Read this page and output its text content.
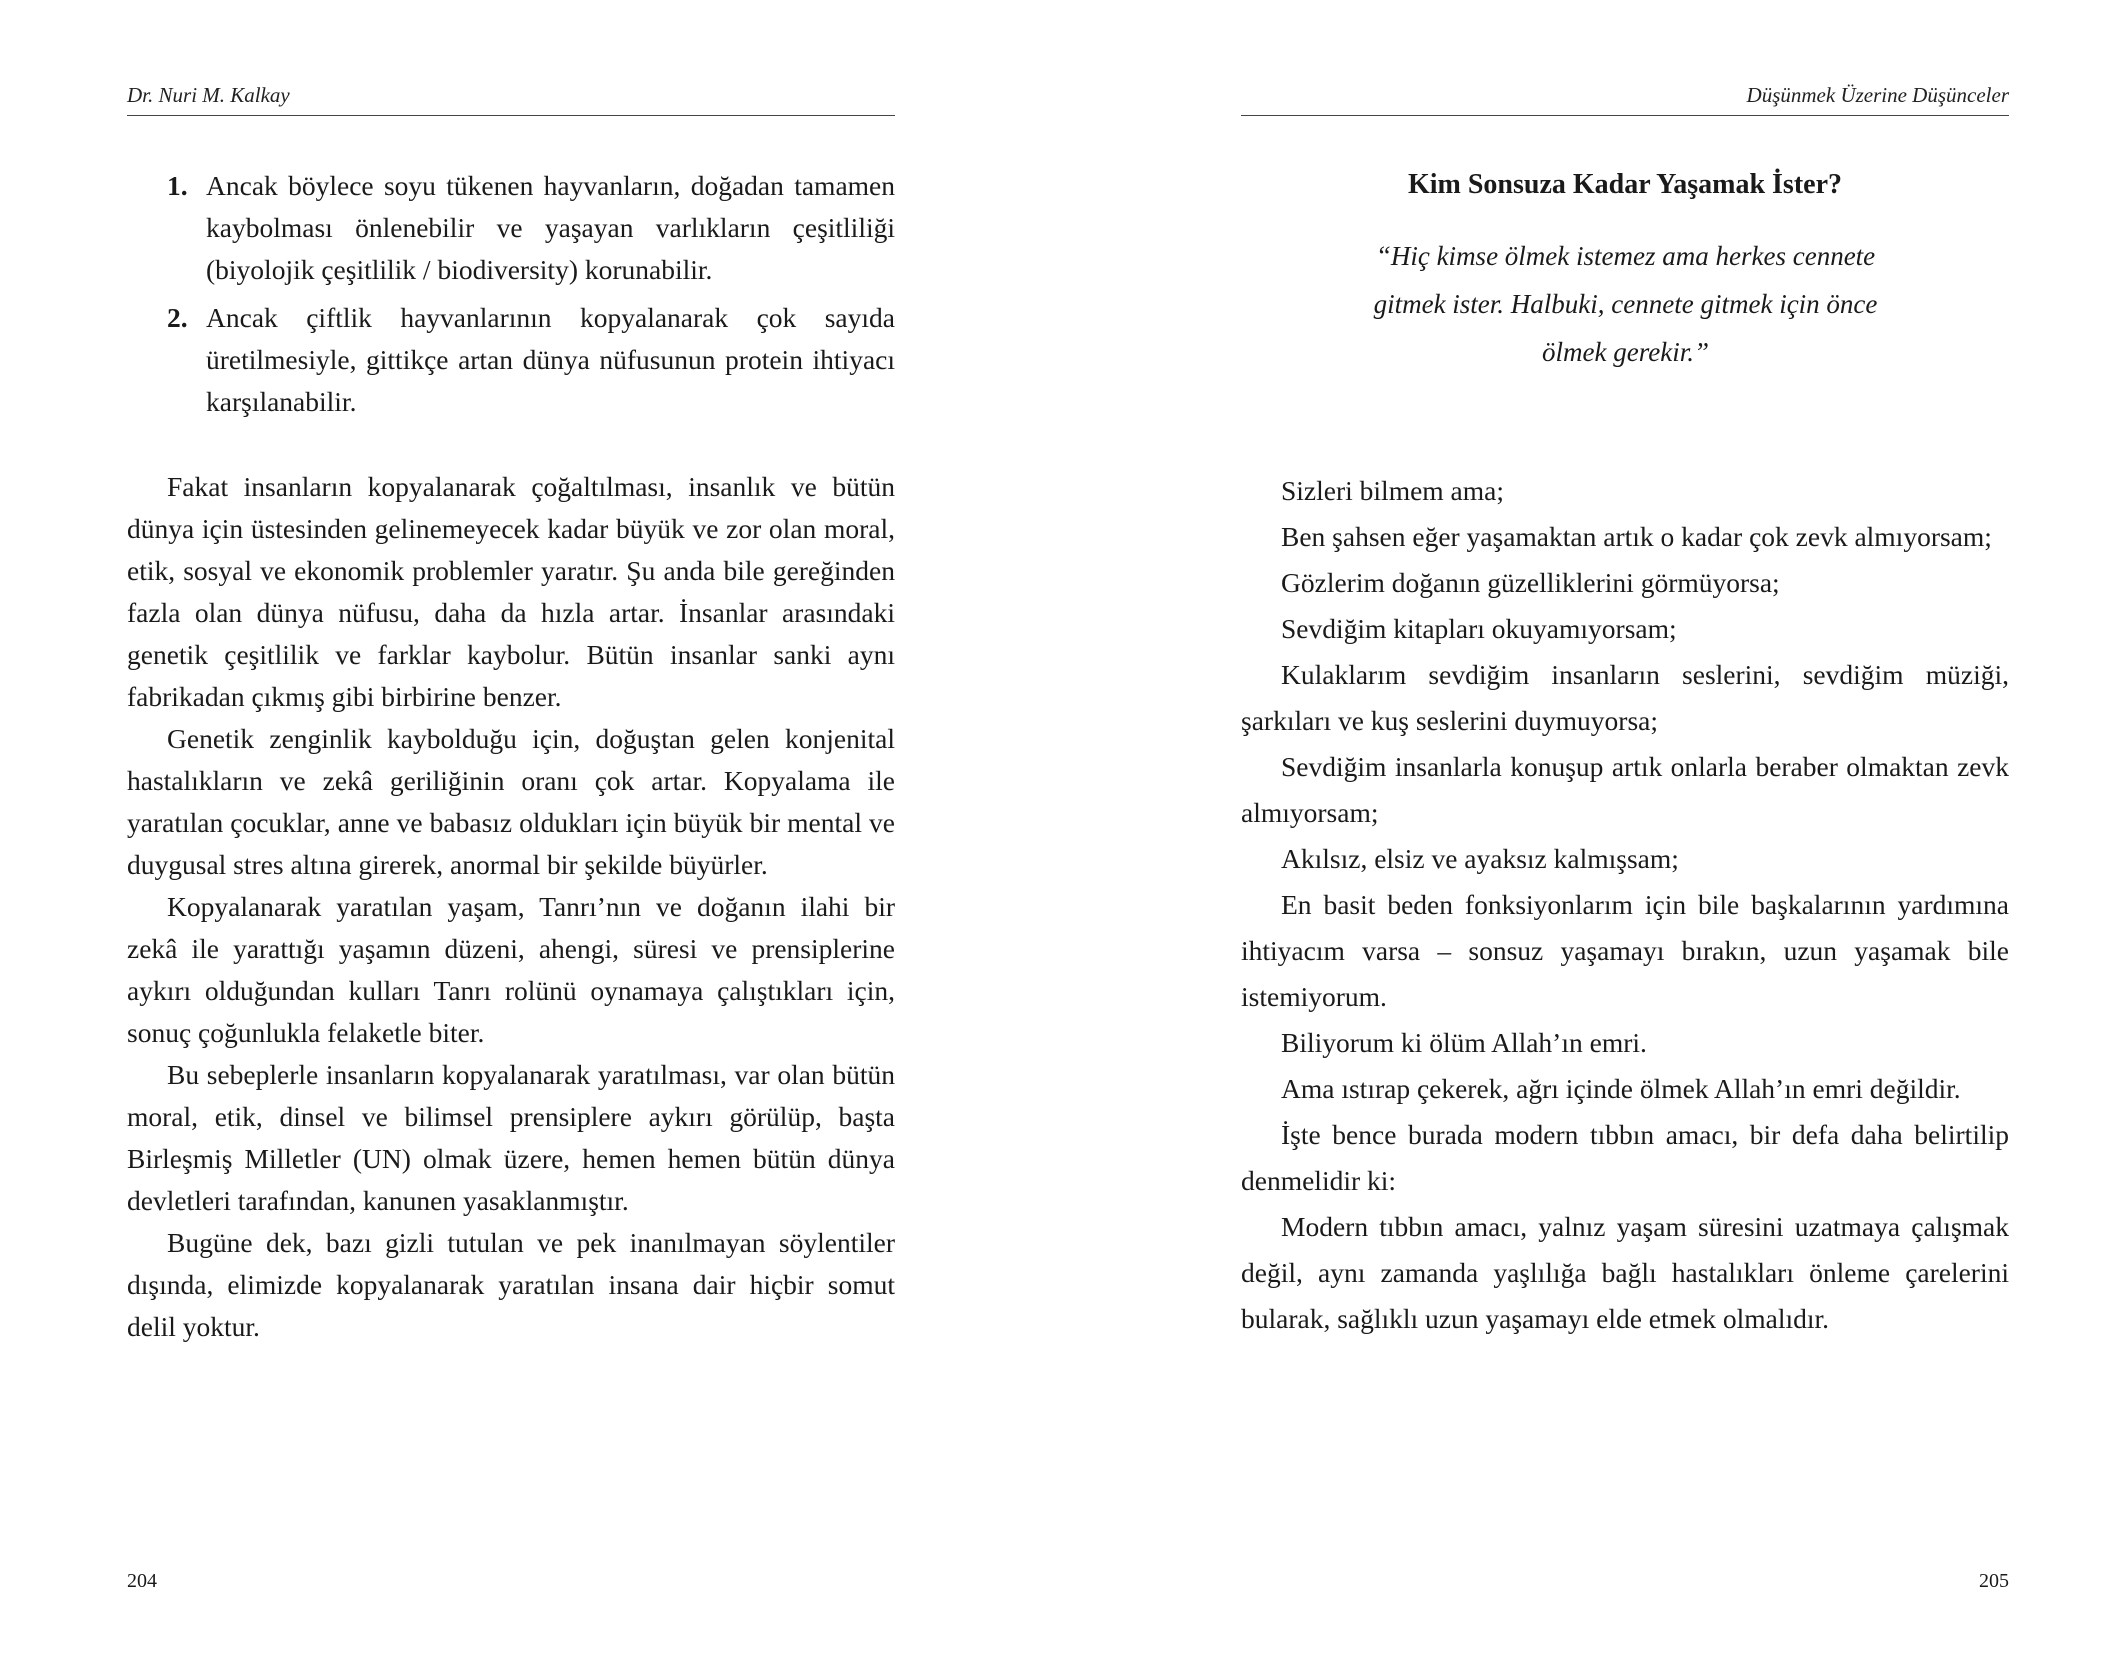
Dr. Nuri M. Kalkay
1. Ancak böylece soyu tükenen hayvanların, doğadan tamamen kaybolması önlenebilir ve yaşayan varlıkların çeşitliliği (biyolojik çeşitlilik / biodiversity) korunabilir.
2. Ancak çiftlik hayvanlarının kopyalanarak çok sayıda üretilmesiyle, gittikçe artan dünya nüfusunun protein ihtiyacı karşılanabilir.

Fakat insanların kopyalanarak çoğaltılması, insanlık ve bütün dünya için üstesinden gelinemeyecek kadar büyük ve zor olan moral, etik, sosyal ve ekonomik problemler yaratır. Şu anda bile gereğinden fazla olan dünya nüfusu, daha da hızla artar. İnsanlar arasındaki genetik çeşitlilik ve farklar kaybolur. Bütün insanlar sanki aynı fabrikadan çıkmış gibi birbirine benzer.

Genetik zenginlik kaybolduğu için, doğuştan gelen konjenital hastalıkların ve zekâ geriliğinin oranı çok artar. Kopyalama ile yaratılan çocuklar, anne ve babasız oldukları için büyük bir mental ve duygusal stres altına girerek, anormal bir şekilde büyürler.

Kopyalanarak yaratılan yaşam, Tanrı’nın ve doğanın ilahi bir zekâ ile yarattığı yaşamın düzeni, ahengi, süresi ve prensiplerine aykırı olduğundan kulları Tanrı rolünü oynamaya çalıştıkları için, sonuç çoğunlukla felaketle biter.

Bu sebeplerle insanların kopyalanarak yaratılması, var olan bütün moral, etik, dinsel ve bilimsel prensiplere aykırı görülüp, başta Birleşmiş Milletler (UN) olmak üzere, hemen hemen bütün dünya devletleri tarafından, kanunen yasaklanmıştır.

Bugüne dek, bazı gizli tutulan ve pek inanılmayan söylentiler dışında, elimizde kopyalanarak yaratılan insana dair hiçbir somut delil yoktur.

204
Düşünmek Üzerine Düşünceler
Kim Sonsuza Kadar Yaşamak İster?
“Hiç kimse ölmek istemez ama herkes cennete gitmek ister. Halbuki, cennete gitmek için önce ölmek gerekir.”

Sizleri bilmem ama;

Ben şahsen eğer yaşamaktan artık o kadar çok zevk almıyorsam;

Gözlerim doğanın güzelliklerini görmüyorsa;

Sevdiğim kitapları okuyamıyorsam;

Kulaklarım sevdiğim insanların seslerini, sevdiğim müziği, şarkıları ve kuş seslerini duymuyorsa;

Sevdiğim insanlarla konuşup artık onlarla beraber olmaktan zevk almıyorsam;

Akılsız, elsiz ve ayaksız kalmışsam;

En basit beden fonksiyonlarım için bile başkalarının yardımına ihtiyacım varsa – sonsuz yaşamayı bırakın, uzun yaşamak bile istemiyorum.

Biliyorum ki ölüm Allah’ın emri.

Ama ıstırap çekerek, ağrı içinde ölmek Allah’ın emri değildir.

İşte bence burada modern tıbbın amacı, bir defa daha belirtilip denmelidir ki:

Modern tıbbın amacı, yalnız yaşam süresini uzatmaya çalışmak değil, aynı zamanda yaşlılığa bağlı hastalıkları önleme çarelerini bularak, sağlıklı uzun yaşamayı elde etmek olmalıdır.

205
